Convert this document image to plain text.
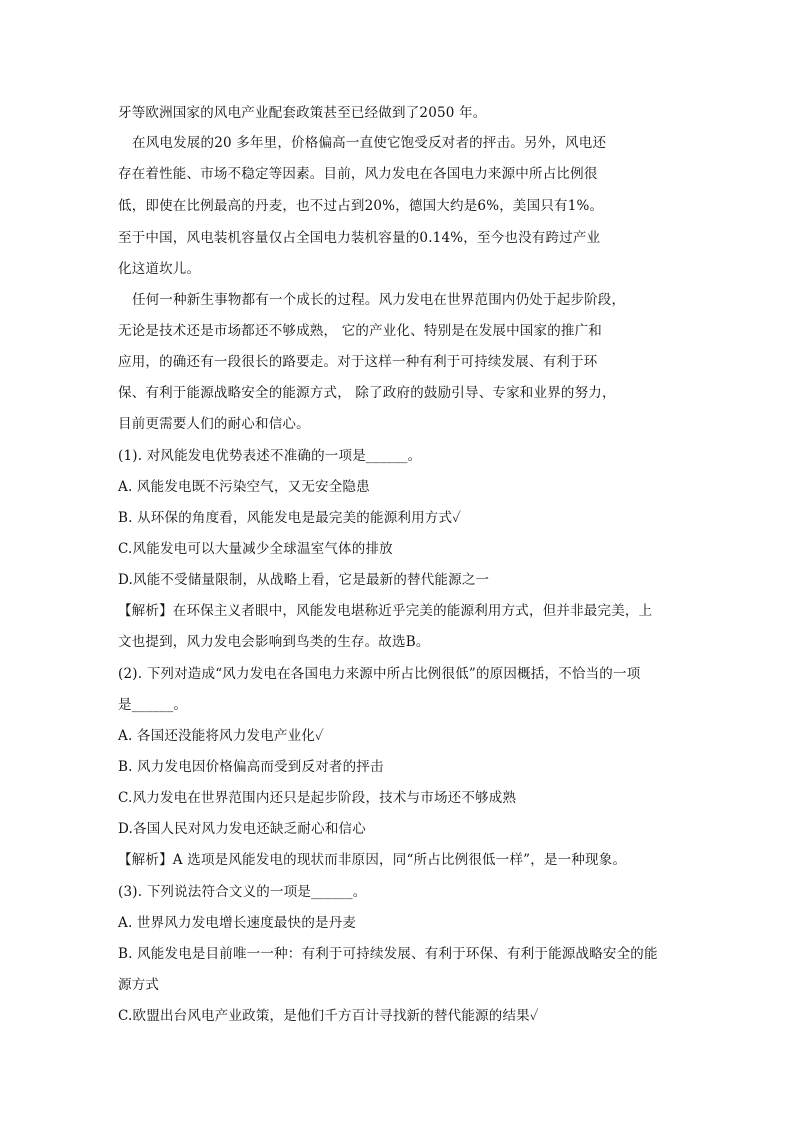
牙等欧洲国家的风电产业配套政策甚至已经做到了2050 年。
在风电发展的20 多年里，价格偏高一直使它饱受反对者的抨击。另外，风电还
存在着性能、市场不稳定等因素。目前，风力发电在各国电力来源中所占比例很
低，即使在比例最高的丹麦，也不过占到20%，德国大约是6%，美国只有1%。
至于中国，风电装机容量仅占全国电力装机容量的0.14%，至今也没有跨过产业
化这道坎儿。
任何一种新生事物都有一个成长的过程。风力发电在世界范围内仍处于起步阶段，
无论是技术还是市场都还不够成熟， 它的产业化、特别是在发展中国家的推广和
应用，的确还有一段很长的路要走。对于这样一种有利于可持续发展、有利于环
保、有利于能源战略安全的能源方式， 除了政府的鼓励引导、专家和业界的努力，
目前更需要人们的耐心和信心。
(1). 对风能发电优势表述不准确的一项是______。
A. 风能发电既不污染空气，又无安全隐患
B. 从环保的角度看，风能发电是最完美的能源利用方式✓
C.风能发电可以大量减少全球温室气体的排放
D.风能不受储量限制，从战略上看，它是最新的替代能源之一
【解析】在环保主义者眼中，风能发电堪称近乎完美的能源利用方式，但并非最完美，上
文也提到，风力发电会影响到鸟类的生存。故选B。
(2). 下列对造成“风力发电在各国电力来源中所占比例很低”的原因概括，不恰当的一项
是______。
A. 各国还没能将风力发电产业化✓
B. 风力发电因价格偏高而受到反对者的抨击
C.风力发电在世界范围内还只是起步阶段，技术与市场还不够成熟
D.各国人民对风力发电还缺乏耐心和信心
【解析】A 选项是风能发电的现状而非原因，同“所占比例很低一样”，是一种现象。
(3). 下列说法符合文义的一项是______。
A. 世界风力发电增长速度最快的是丹麦
B. 风能发电是目前唯一一种：有利于可持续发展、有利于环保、有利于能源战略安全的能
源方式
C.欧盟出台风电产业政策，是他们千方百计寻找新的替代能源的结果✓
